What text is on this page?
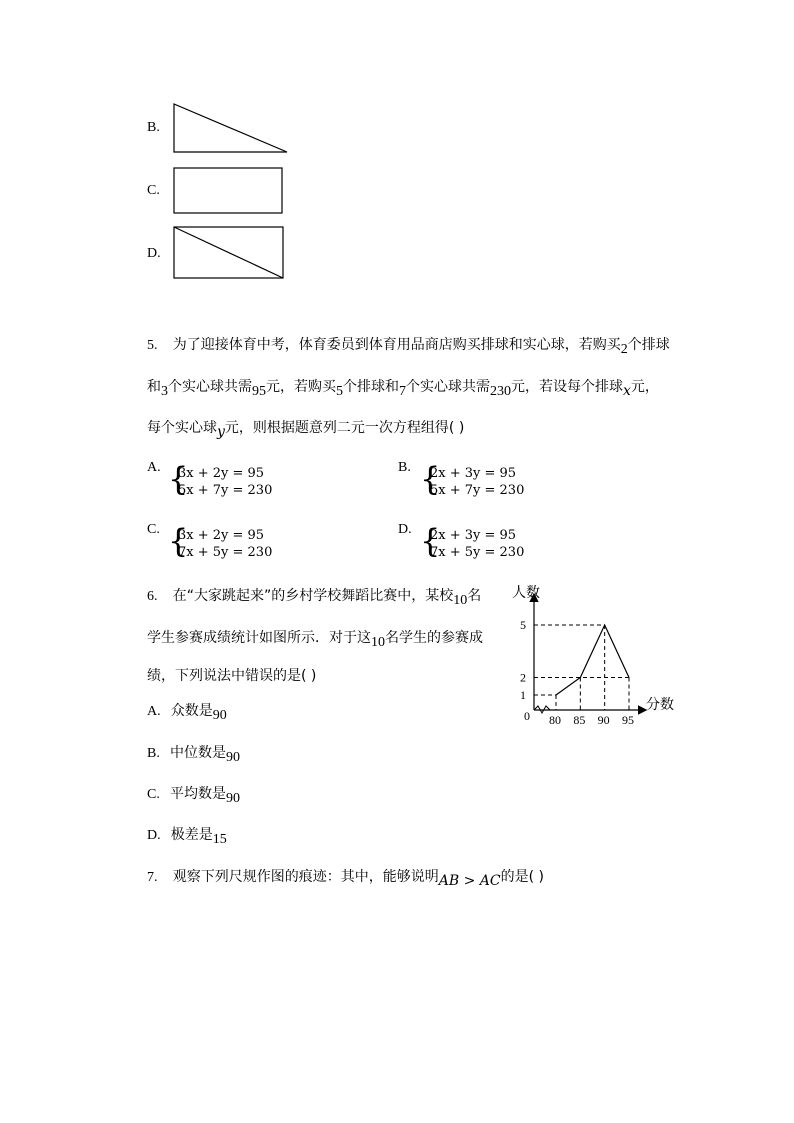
B.
C.
D.
5. 为了迎接体育中考，体育委员到体育用品商店购买排球和实心球，若购买2个排球
和3个实心球共需95元，若购买5个排球和7个实心球共需230元，若设每个排球x元，
每个实心球y元，则根据题意列二元一次方程组得( )
A. {
3x + 2y = 95
5x + 7y = 230
B. {
2x + 3y = 95
5x + 7y = 230
C. {
3x + 2y = 95
7x + 5y = 230
D. {
2x + 3y = 95
7x + 5y = 230
6. 在“大家跳起来”的乡村学校舞蹈比赛中，某校10名
学生参赛成绩统计如图所示．对于这10名学生的参赛成
绩，下列说法中错误的是( )
A. 众数是90
B. 中位数是90
C. 平均数是90
D. 极差是15
80 85 90 95
1
2
5
人数
分数
0
7. 观察下列尺规作图的痕迹：其中，能够说明AB > AC的是( )
